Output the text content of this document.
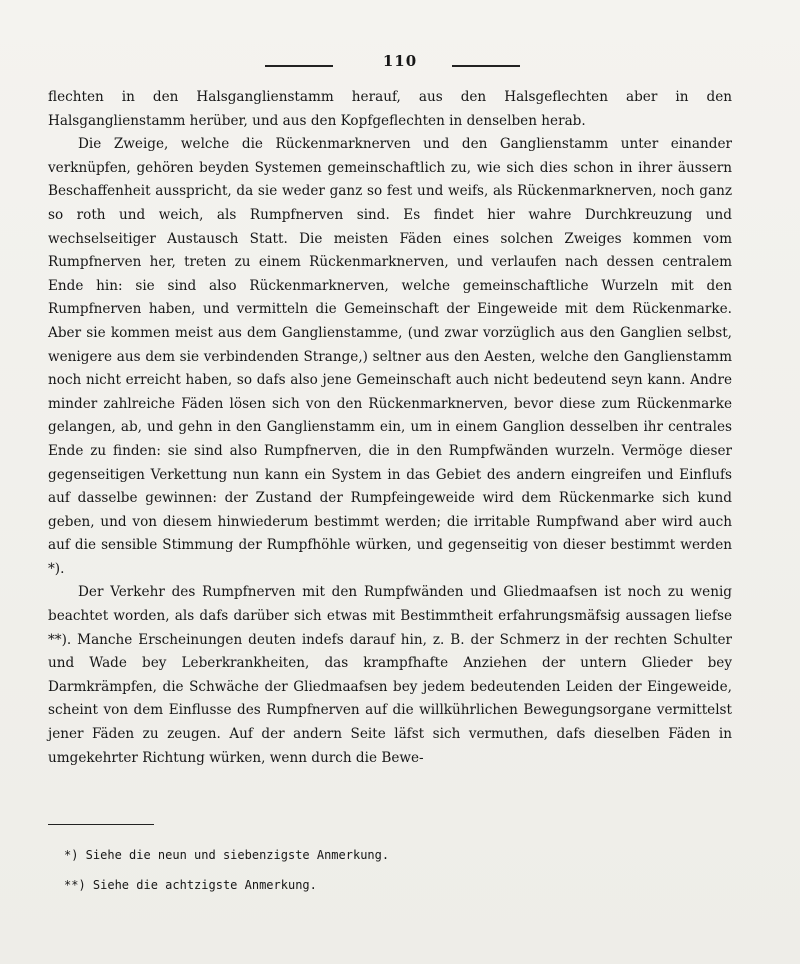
110

flechten in den Halsganglienstamm herauf, aus den Halsgeflechten aber in den Halsganglienstamm herüber, und aus den Kopfgeflechten in denselben herab.

Die Zweige, welche die Rückenmarknerven und den Ganglienstamm unter einander verknüpfen, gehören beyden Systemen gemeinschaftlich zu, wie sich dies schon in ihrer äussern Beschaffenheit ausspricht, da sie weder ganz so fest und weifs, als Rückenmarknerven, noch ganz so roth und weich, als Rumpfnerven sind. Es findet hier wahre Durchkreuzung und wechselseitiger Austausch Statt. Die meisten Fäden eines solchen Zweiges kommen vom Rumpfnerven her, treten zu einem Rückenmarknerven, und verlaufen nach dessen centralem Ende hin: sie sind also Rückenmarknerven, welche gemeinschaftliche Wurzeln mit den Rumpfnerven haben, und vermitteln die Gemeinschaft der Eingeweide mit dem Rückenmarke. Aber sie kommen meist aus dem Ganglienstamme, (und zwar vorzüglich aus den Ganglien selbst, wenigere aus dem sie verbindenden Strange,) seltner aus den Aesten, welche den Ganglienstamm noch nicht erreicht haben, so dafs also jene Gemeinschaft auch nicht bedeutend seyn kann. Andre minder zahlreiche Fäden lösen sich von den Rückenmarknerven, bevor diese zum Rückenmarke gelangen, ab, und gehn in den Ganglienstamm ein, um in einem Ganglion desselben ihr centrales Ende zu finden: sie sind also Rumpfnerven, die in den Rumpfwänden wurzeln. Vermöge dieser gegenseitigen Verkettung nun kann ein System in das Gebiet des andern eingreifen und Einflufs auf dasselbe gewinnen: der Zustand der Rumpfeingeweide wird dem Rückenmarke sich kund geben, und von diesem hinwiederum bestimmt werden; die irritable Rumpfwand aber wird auch auf die sensible Stimmung der Rumpfhöhle würken, und gegenseitig von dieser bestimmt werden *).

Der Verkehr des Rumpfnerven mit den Rumpfwänden und Gliedmaafsen ist noch zu wenig beachtet worden, als dafs darüber sich etwas mit Bestimmtheit erfahrungsmäfsig aussagen liefse **). Manche Erscheinungen deuten indefs darauf hin, z. B. der Schmerz in der rechten Schulter und Wade bey Leberkrankheiten, das krampfhafte Anziehen der untern Glieder bey Darmkrämpfen, die Schwäche der Gliedmaafsen bey jedem bedeutenden Leiden der Eingeweide, scheint von dem Einflusse des Rumpfnerven auf die willkührlichen Bewegungsorgane vermittelst jener Fäden zu zeugen. Auf der andern Seite läfst sich vermuthen, dafs dieselben Fäden in umgekehrter Richtung würken, wenn durch die Bewe-

*) Siehe die neun und siebenzigste Anmerkung.
**) Siehe die achtzigste Anmerkung.
